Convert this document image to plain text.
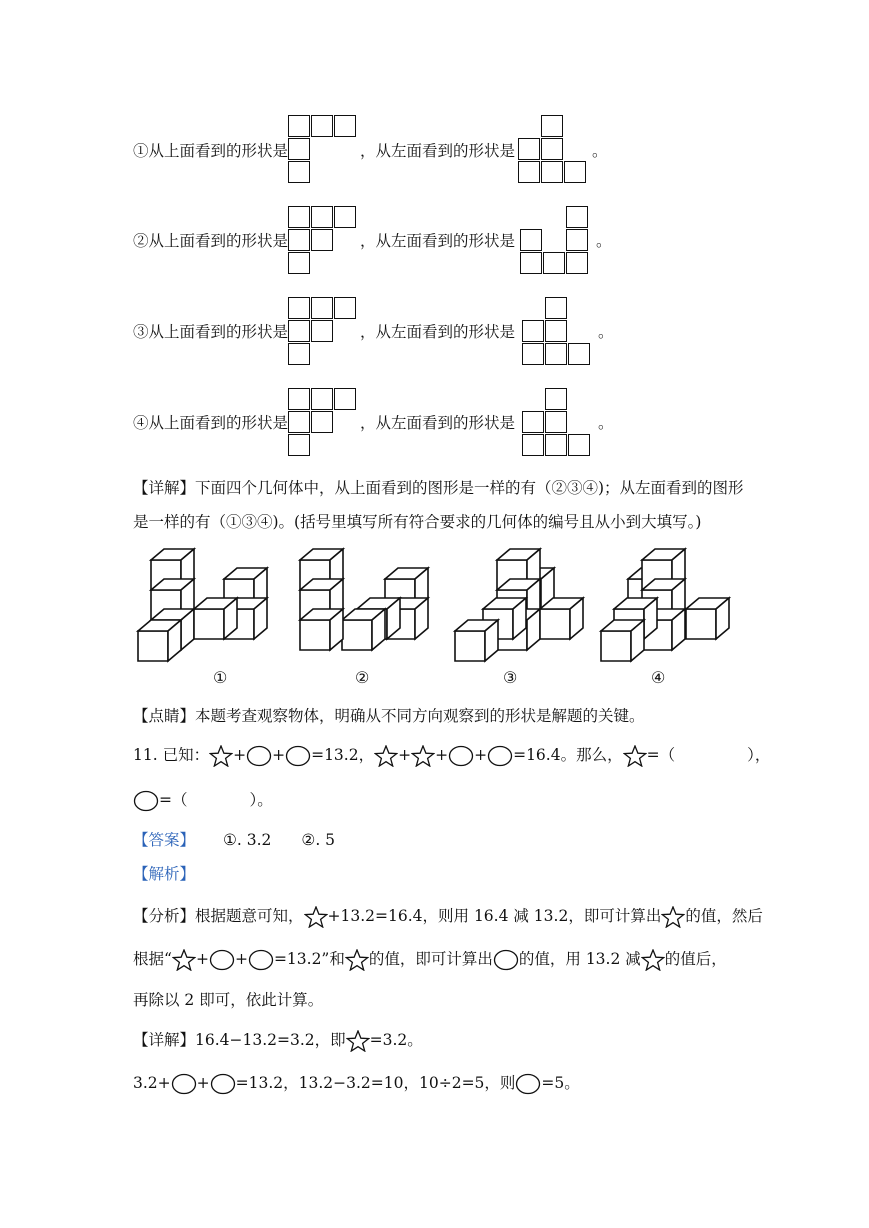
①从上面看到的形状是	，从左面看到的形状是	。
②从上面看到的形状是	，从左面看到的形状是	。
③从上面看到的形状是	，从左面看到的形状是	。
④从上面看到的形状是	，从左面看到的形状是	。
【详解】下面四个几何体中，从上面看到的图形是一样的有（②③④)；从左面看到的图形
是一样的有（①③④)。(括号里填写所有符合要求的几何体的编号且从小到大填写。)
①	②	③	④
【点睛】本题考查观察物体，明确从不同方向观察到的形状是解题的关键。
11. 已知： + + =13.2， + + + =16.4。那么， =（	），
=（	）。
【答案】 ①. 3.2 ②. 5
【解析】
【分析】根据题意可知， +13.2=16.4，则用 16.4 减 13.2，即可计算出 的值，然后
根据“ + + =13.2”和 的值，即可计算出 的值，用 13.2 减 的值后，
再除以 2 即可，依此计算。
【详解】16.4−13.2=3.2，即 =3.2。
3.2+ + =13.2，13.2−3.2=10，10÷2=5，则 =5。
